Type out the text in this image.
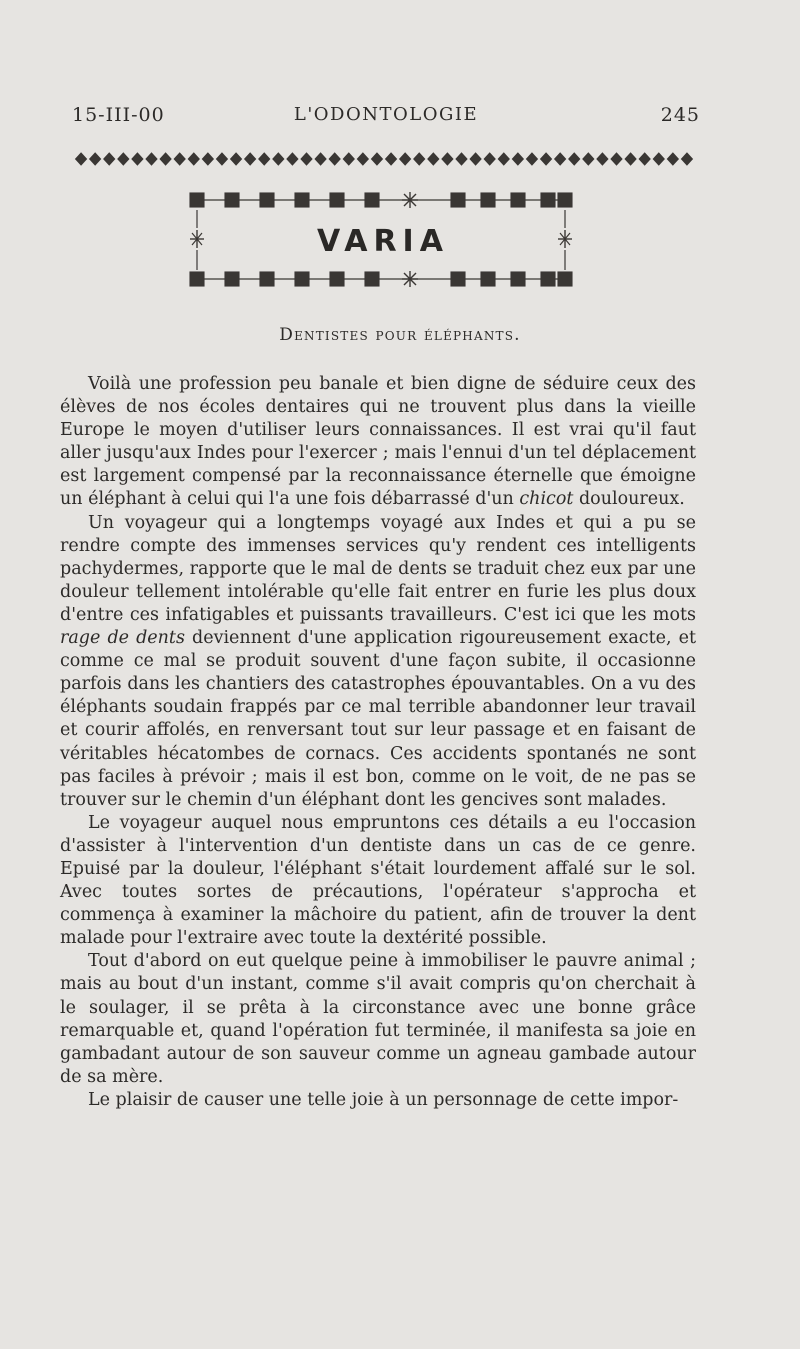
15-III-00	L'ODONTOLOGIE	245
VARIA
Dentistes pour éléphants.

Voilà une profession peu banale et bien digne de séduire ceux des élèves de nos écoles dentaires qui ne trouvent plus dans la vieille Europe le moyen d'utiliser leurs connaissances. Il est vrai qu'il faut aller jusqu'aux Indes pour l'exercer ; mais l'ennui d'un tel déplacement est largement compensé par la reconnaissance éternelle que émoigne un éléphant à celui qui l'a une fois débarrassé d'un chicot douloureux.

Un voyageur qui a longtemps voyagé aux Indes et qui a pu se rendre compte des immenses services qu'y rendent ces intelligents pachydermes, rapporte que le mal de dents se traduit chez eux par une douleur tellement intolérable qu'elle fait entrer en furie les plus doux d'entre ces infatigables et puissants travailleurs. C'est ici que les mots rage de dents deviennent d'une application rigoureusement exacte, et comme ce mal se produit souvent d'une façon subite, il occasionne parfois dans les chantiers des catastrophes épouvantables. On a vu des éléphants soudain frappés par ce mal terrible abandonner leur travail et courir affolés, en renversant tout sur leur passage et en faisant de véritables hécatombes de cornacs. Ces accidents spontanés ne sont pas faciles à prévoir ; mais il est bon, comme on le voit, de ne pas se trouver sur le chemin d'un éléphant dont les gencives sont malades.

Le voyageur auquel nous empruntons ces détails a eu l'occasion d'assister à l'intervention d'un dentiste dans un cas de ce genre. Epuisé par la douleur, l'éléphant s'était lourdement affalé sur le sol. Avec toutes sortes de précautions, l'opérateur s'approcha et commença à examiner la mâchoire du patient, afin de trouver la dent malade pour l'extraire avec toute la dextérité possible.

Tout d'abord on eut quelque peine à immobiliser le pauvre animal ; mais au bout d'un instant, comme s'il avait compris qu'on cherchait à le soulager, il se prêta à la circonstance avec une bonne grâce remarquable et, quand l'opération fut terminée, il manifesta sa joie en gambadant autour de son sauveur comme un agneau gambade autour de sa mère.

Le plaisir de causer une telle joie à un personnage de cette impor-
